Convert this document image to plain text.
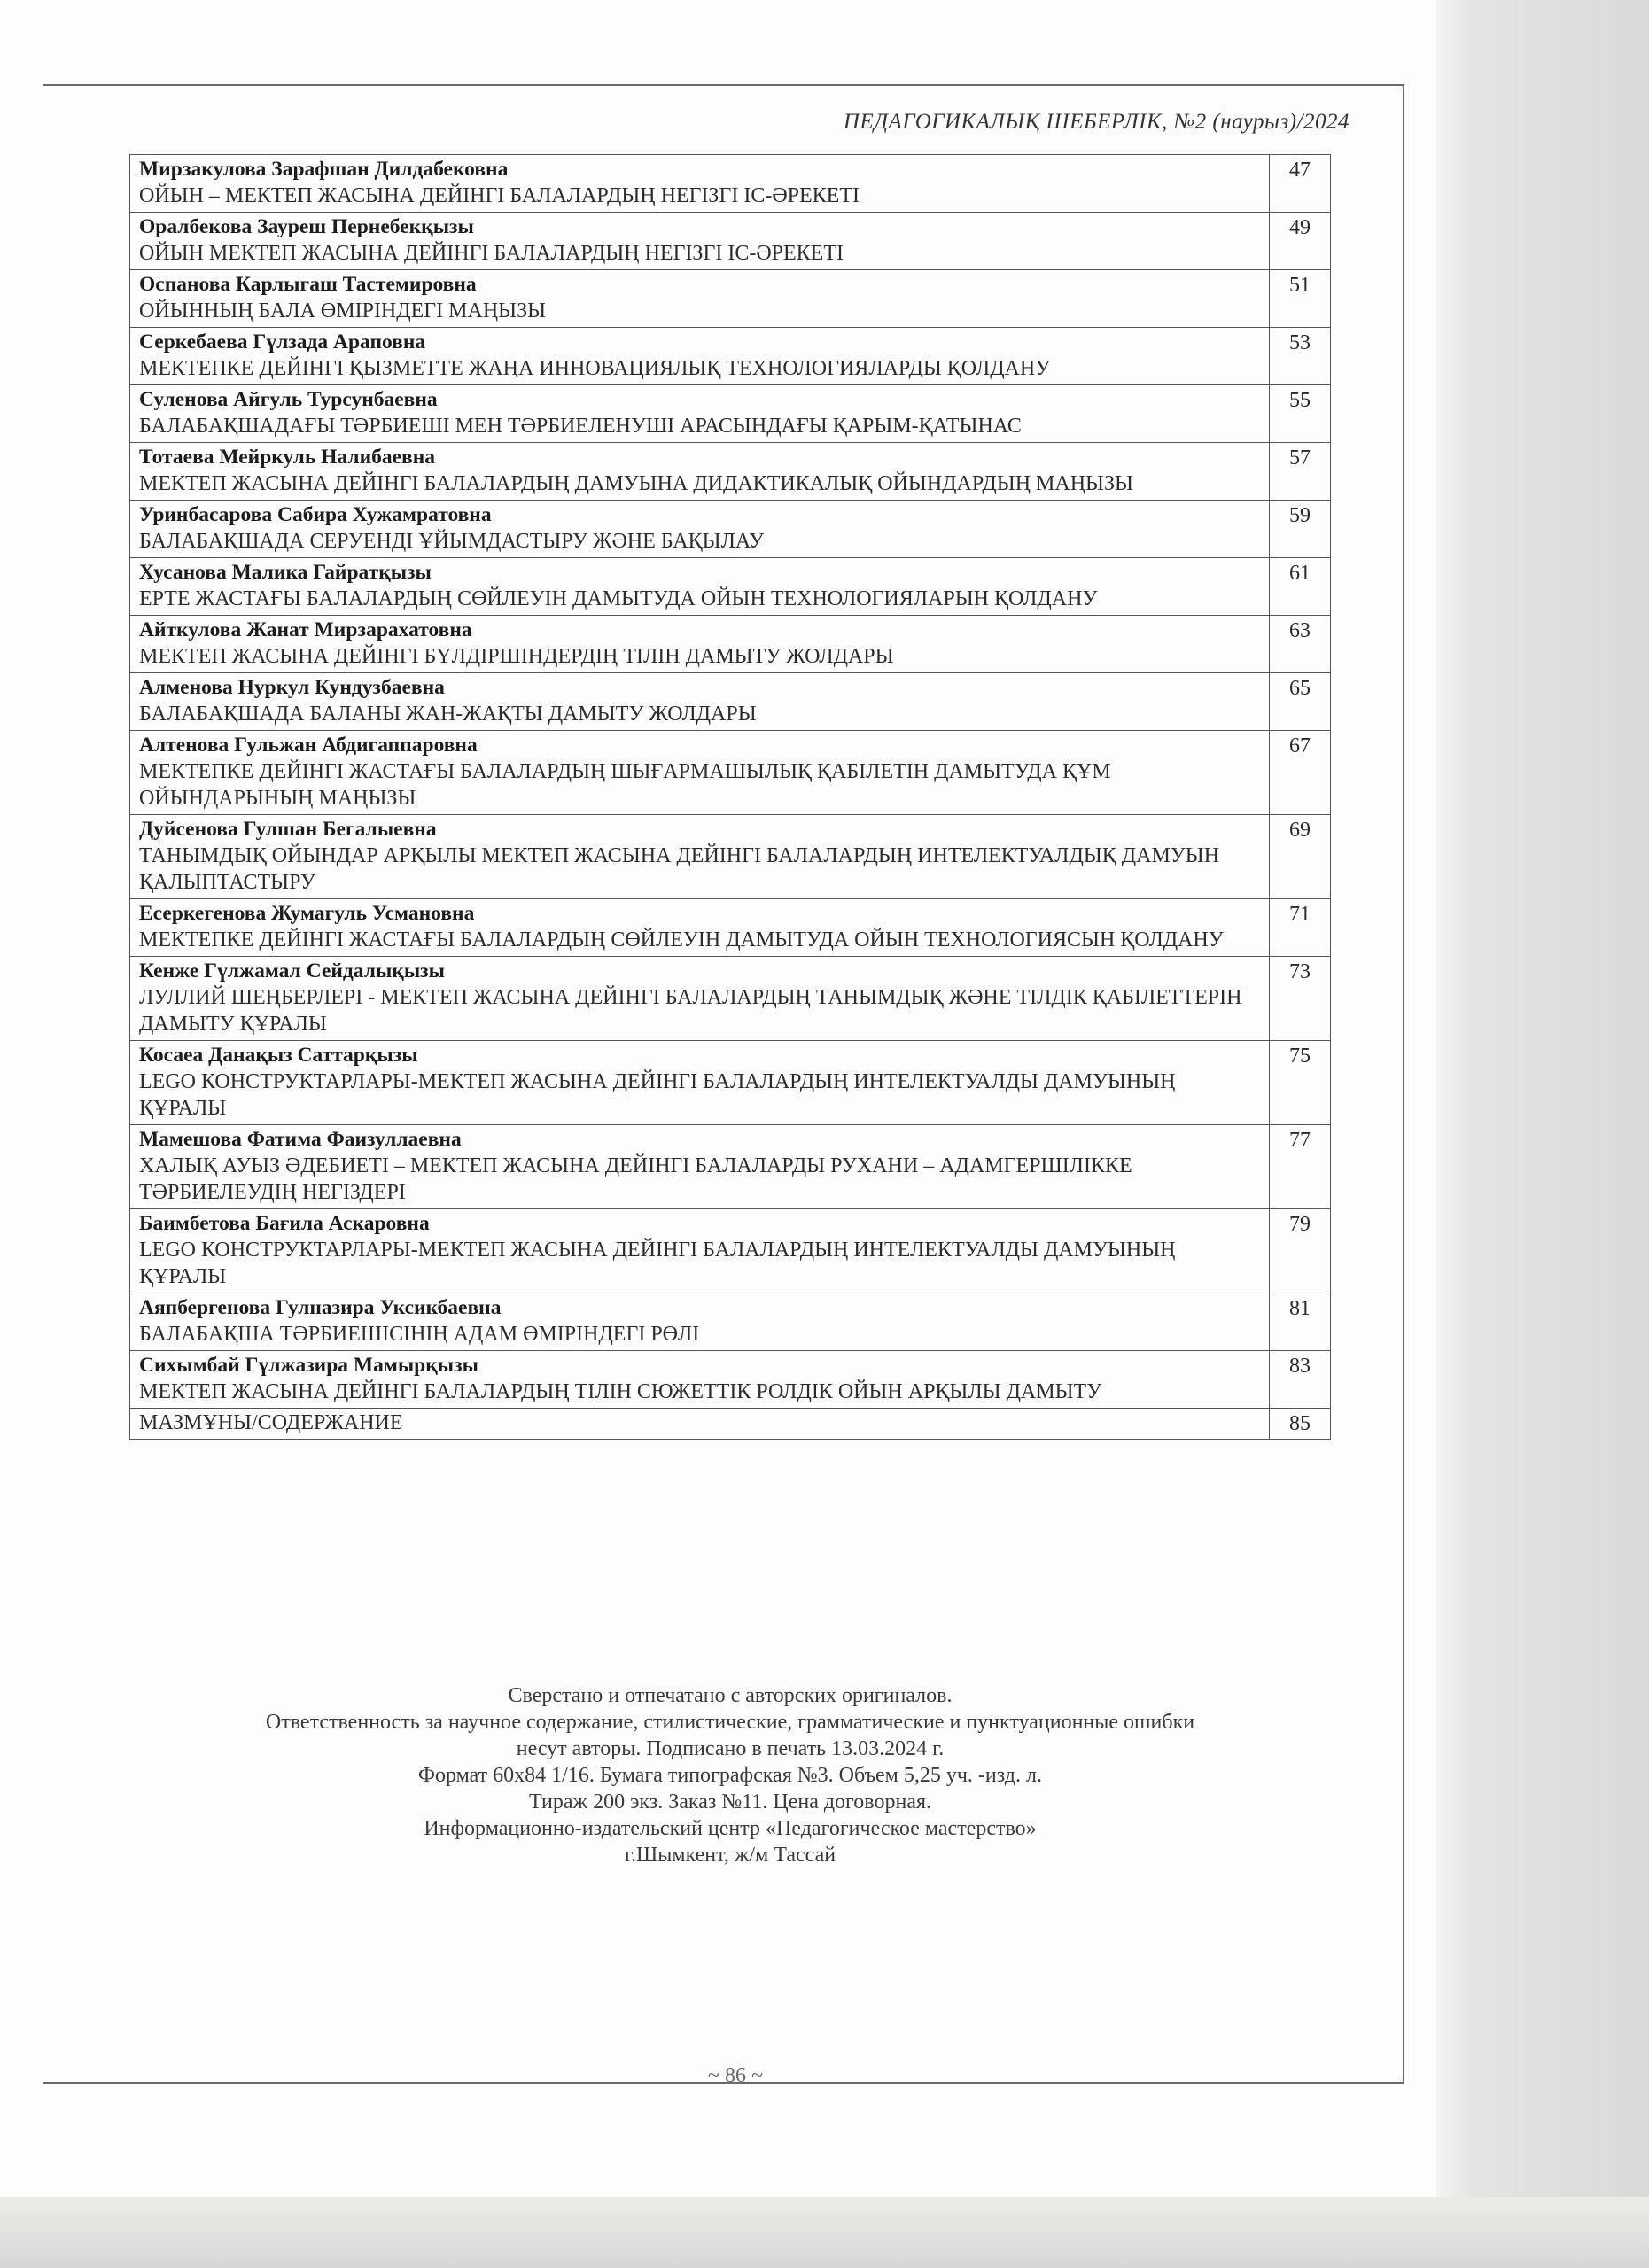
ПЕДАГОГИКАЛЫҚ ШЕБЕРЛІК, №2 (наурыз)/2024
Мирзакулова Зарафшан Дилдабековна
ОЙЫН – МЕКТЕП ЖАСЫНА ДЕЙІНГІ БАЛАЛАРДЫҢ НЕГІЗГІ ІС-ӘРЕКЕТІ	47

Оралбекова Зауреш Пернебекқызы
ОЙЫН МЕКТЕП ЖАСЫНА ДЕЙІНГІ БАЛАЛАРДЫҢ НЕГІЗГІ ІС-ӘРЕКЕТІ	49

Оспанова Карлыгаш Тастемировна
ОЙЫННЫҢ БАЛА ӨМІРІНДЕГІ МАҢЫЗЫ	51

Серкебаева Гүлзада Араповна
МЕКТЕПКЕ ДЕЙІНГІ ҚЫЗМЕТТЕ ЖАҢА ИННОВАЦИЯЛЫҚ ТЕХНОЛОГИЯЛАРДЫ ҚОЛДАНУ	53

Суленова Айгуль Турсунбаевна
БАЛАБАҚШАДАҒЫ ТӘРБИЕШІ МЕН ТӘРБИЕЛЕНУШІ АРАСЫНДАҒЫ ҚАРЫМ-ҚАТЫНАС	55

Тотаева Мейркуль Налибаевна
МЕКТЕП ЖАСЫНА ДЕЙІНГІ БАЛАЛАРДЫҢ ДАМУЫНА ДИДАКТИКАЛЫҚ ОЙЫНДАРДЫҢ МАҢЫЗЫ	57

Уринбасарова Сабира Хужамратовна
БАЛАБАҚШАДА СЕРУЕНДІ ҰЙЫМДАСТЫРУ ЖӘНЕ БАҚЫЛАУ	59

Хусанова Малика Гайратқызы
ЕРТЕ ЖАСТАҒЫ БАЛАЛАРДЫҢ СӨЙЛЕУІН ДАМЫТУДА ОЙЫН ТЕХНОЛОГИЯЛАРЫН ҚОЛДАНУ	61

Айткулова Жанат Мирзарахатовна
МЕКТЕП ЖАСЫНА ДЕЙІНГІ БҮЛДІРШІНДЕРДІҢ ТІЛІН ДАМЫТУ ЖОЛДАРЫ	63

Алменова Нуркул Кундузбаевна
БАЛАБАҚШАДА БАЛАНЫ ЖАН-ЖАҚТЫ ДАМЫТУ ЖОЛДАРЫ	65

Алтенова Гульжан Абдигаппаровна
МЕКТЕПКЕ ДЕЙІНГІ ЖАСТАҒЫ БАЛАЛАРДЫҢ ШЫҒАРМАШЫЛЫҚ ҚАБІЛЕТІН ДАМЫТУДА ҚҰМ ОЙЫНДАРЫНЫҢ МАҢЫЗЫ	67

Дуйсенова Гулшан Бегалыевна
ТАНЫМДЫҚ ОЙЫНДАР АРҚЫЛЫ МЕКТЕП ЖАСЫНА ДЕЙІНГІ БАЛАЛАРДЫҢ ИНТЕЛЕКТУАЛДЫҚ ДАМУЫН ҚАЛЫПТАСТЫРУ	69

Есеркегенова Жумагуль Усмановна
МЕКТЕПКЕ ДЕЙІНГІ ЖАСТАҒЫ БАЛАЛАРДЫҢ СӨЙЛЕУІН ДАМЫТУДА ОЙЫН ТЕХНОЛОГИЯСЫН ҚОЛДАНУ	71

Кенже Гүлжамал Сейдалықызы
ЛУЛЛИЙ ШЕҢБЕРЛЕРІ - МЕКТЕП ЖАСЫНА ДЕЙІНГІ БАЛАЛАРДЫҢ ТАНЫМДЫҚ ЖӘНЕ ТІЛДІК ҚАБІЛЕТТЕРІН ДАМЫТУ ҚҰРАЛЫ	73

Косаеа Данақыз Саттарқызы
LEGO КОНСТРУКТАРЛАРЫ-МЕКТЕП ЖАСЫНА ДЕЙІНГІ БАЛАЛАРДЫҢ ИНТЕЛЕКТУАЛДЫ ДАМУЫНЫҢ ҚҰРАЛЫ	75

Мамешова Фатима Фаизуллаевна
ХАЛЫҚ АУЫЗ ӘДЕБИЕТІ – МЕКТЕП ЖАСЫНА ДЕЙІНГІ БАЛАЛАРДЫ РУХАНИ – АДАМГЕРШІЛІККЕ ТӘРБИЕЛЕУДІҢ НЕГІЗДЕРІ	77

Баимбетова Бағила Аскаровна
LEGO КОНСТРУКТАРЛАРЫ-МЕКТЕП ЖАСЫНА ДЕЙІНГІ БАЛАЛАРДЫҢ ИНТЕЛЕКТУАЛДЫ ДАМУЫНЫҢ ҚҰРАЛЫ	79

Аяпбергенова Гулназира Уксикбаевна
БАЛАБАҚША ТӘРБИЕШІСІНІҢ АДАМ ӨМІРІНДЕГІ РӨЛІ	81

Сихымбай Гүлжазира Мамырқызы
МЕКТЕП ЖАСЫНА ДЕЙІНГІ БАЛАЛАРДЫҢ ТІЛІН СЮЖЕТТІК РОЛДІК ОЙЫН АРҚЫЛЫ ДАМЫТУ	83

МАЗМҰНЫ/СОДЕРЖАНИЕ	85
Сверстано и отпечатано с авторских оригиналов.
Ответственность за научное содержание, стилистические, грамматические и пунктуационные ошибки
несут авторы. Подписано в печать 13.03.2024 г.
Формат 60х84 1/16. Бумага типографская №3. Объем 5,25 уч. -изд. л.
Тираж 200 экз. Заказ №11. Цена договорная.
Информационно-издательский центр «Педагогическое мастерство»
г.Шымкент, ж/м Тассай
~ 86 ~
